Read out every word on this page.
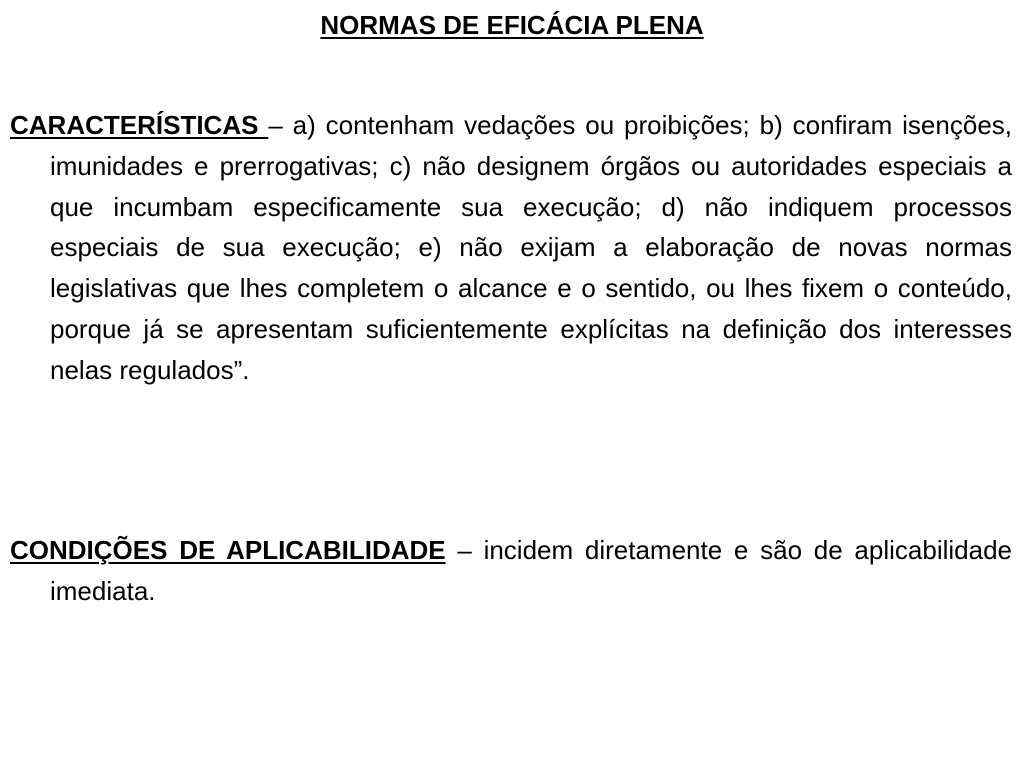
NORMAS DE EFICÁCIA PLENA

CARACTERÍSTICAS – a) contenham vedações ou proibições; b) confiram isenções, imunidades e prerrogativas; c) não designem órgãos ou autoridades especiais a que incumbam especificamente sua execução; d) não indiquem processos especiais de sua execução; e) não exijam a elaboração de novas normas legislativas que lhes completem o alcance e o sentido, ou lhes fixem o conteúdo, porque já se apresentam suficientemente explícitas na definição dos interesses nelas regulados”.

CONDIÇÕES DE APLICABILIDADE – incidem diretamente e são de aplicabilidade imediata.
